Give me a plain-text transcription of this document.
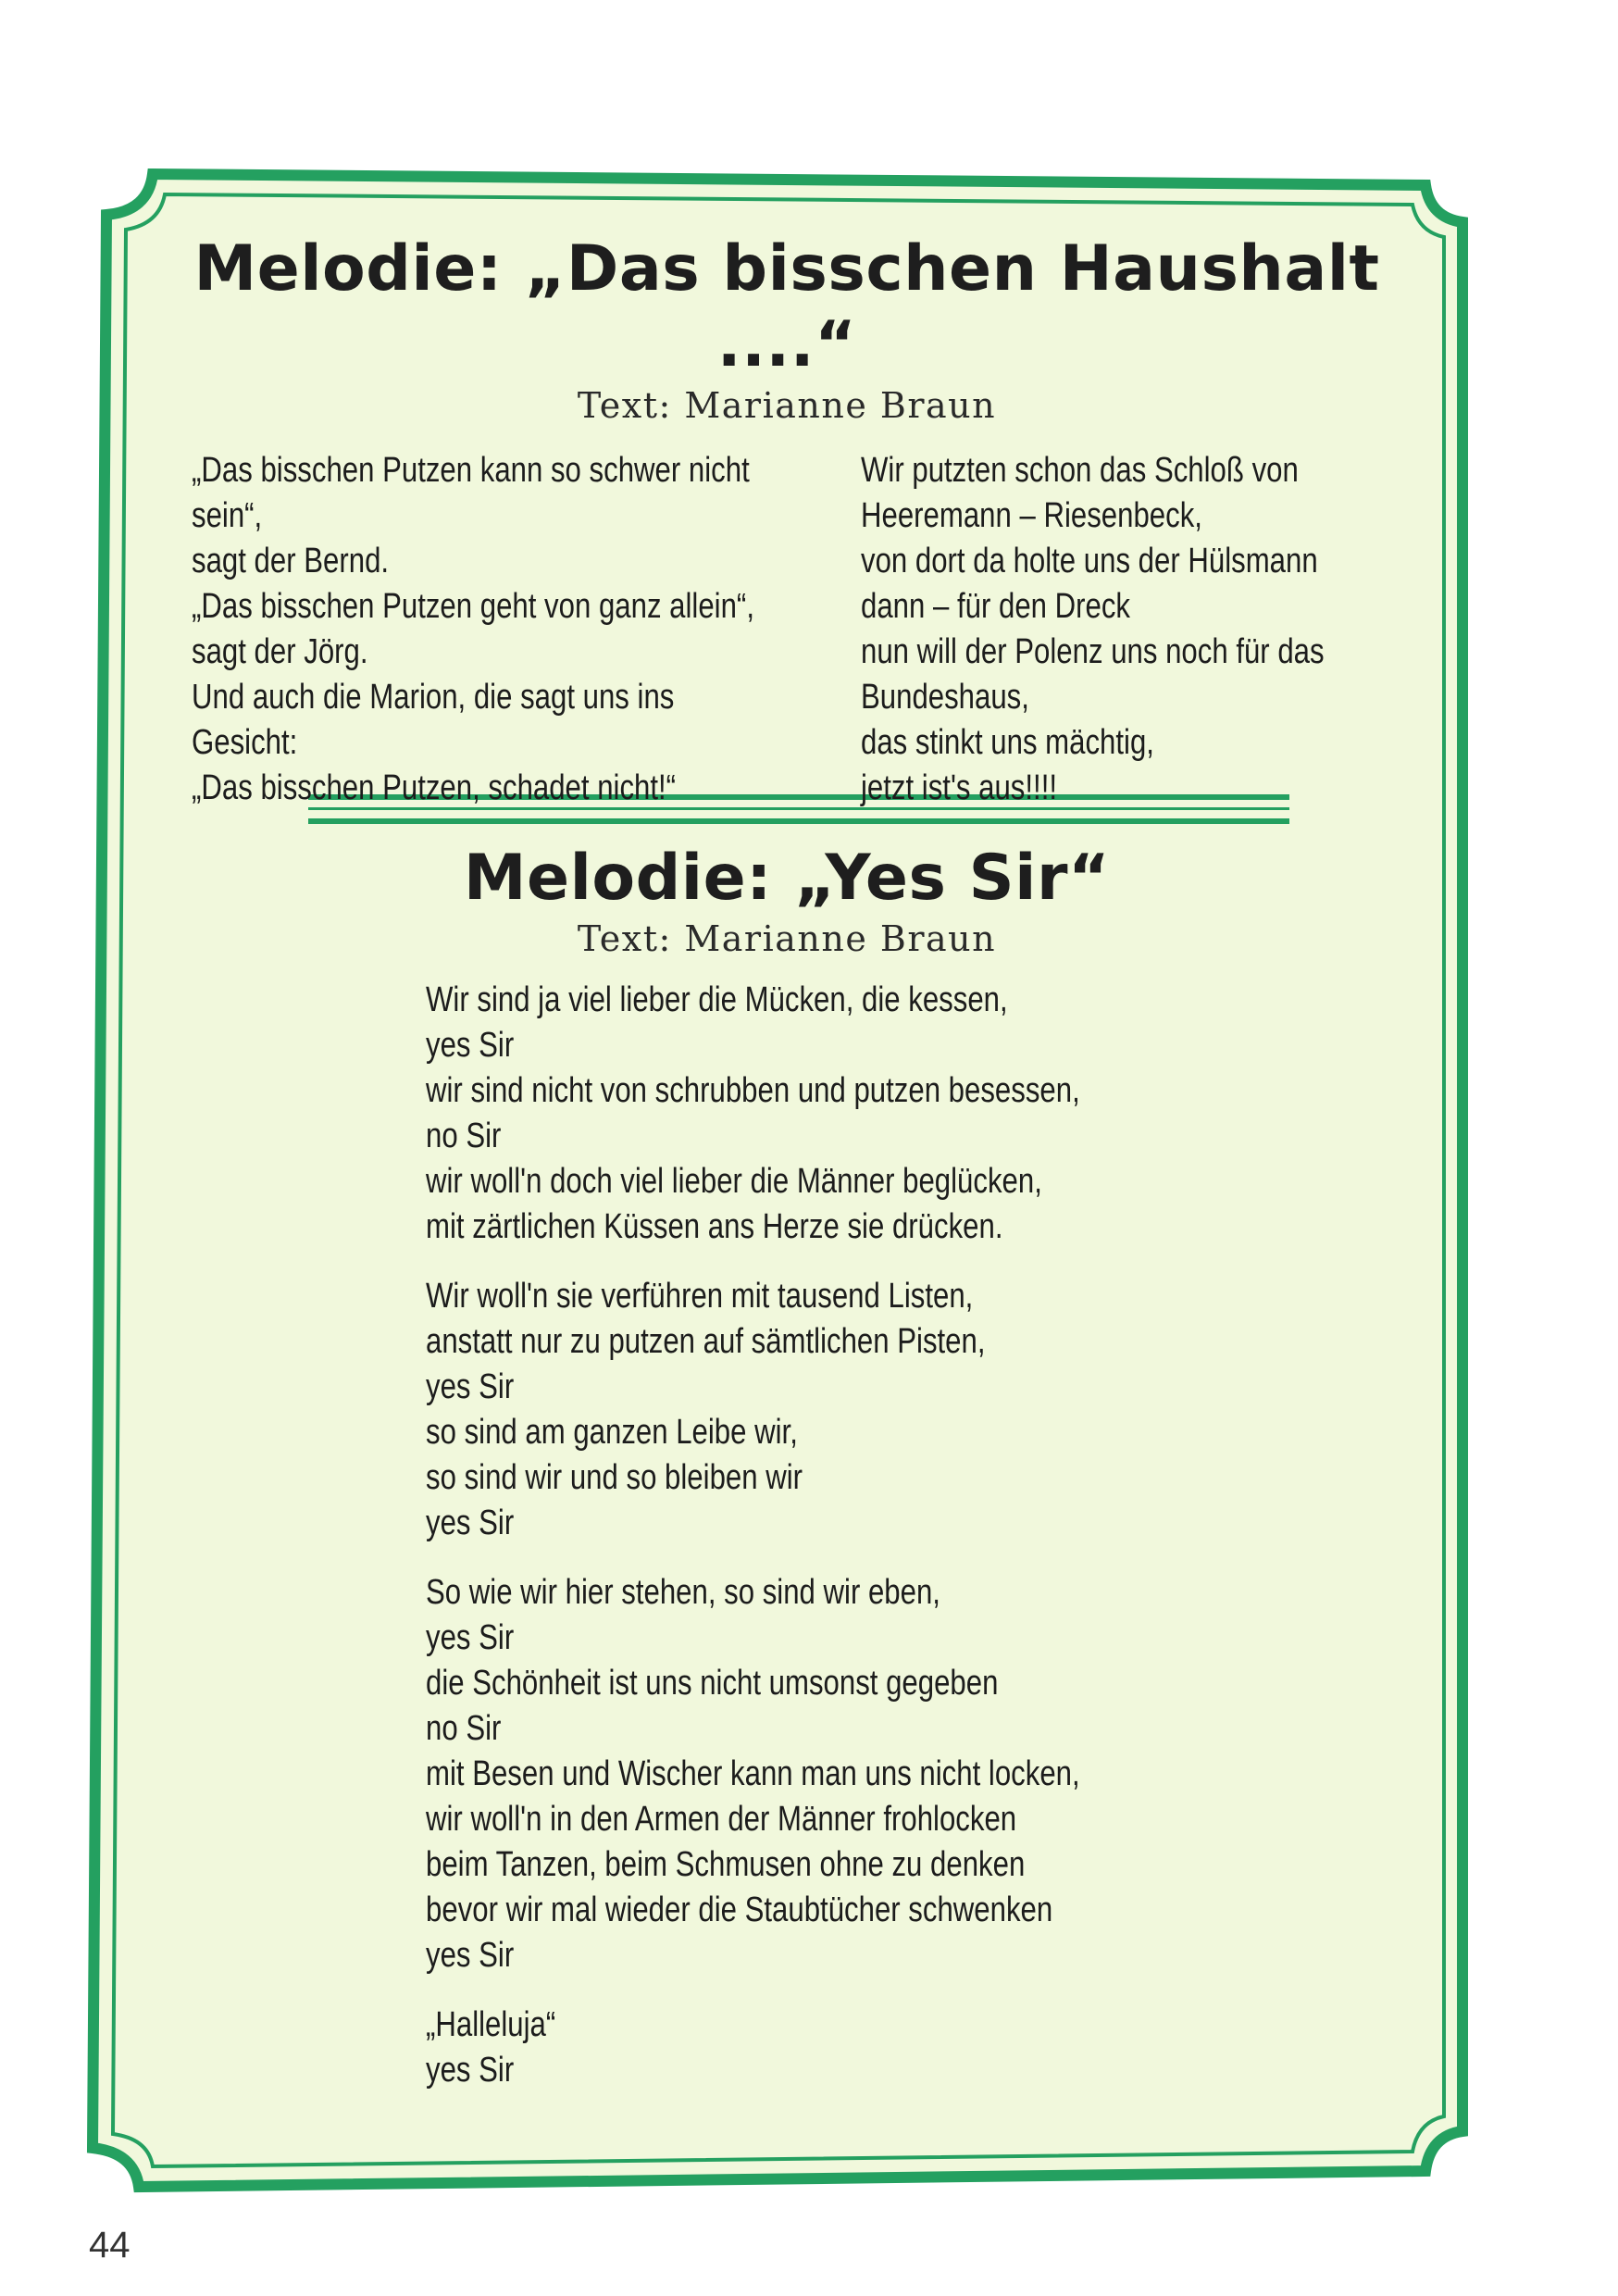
Melodie: „Das bisschen Haushalt ....“

Text: Marianne Braun

„Das bisschen Putzen kann so schwer nicht
sein“,
sagt der Bernd.
„Das bisschen Putzen geht von ganz allein“,
sagt der Jörg.
Und auch die Marion, die sagt uns ins
Gesicht:
„Das bisschen Putzen, schadet nicht!“
Wir putzten schon das Schloß von
Heeremann – Riesenbeck,
von dort da holte uns der Hülsmann
dann – für den Dreck
nun will der Polenz uns noch für das
Bundeshaus,
das stinkt uns mächtig,
jetzt ist's aus!!!!
Melodie: „Yes Sir“

Text: Marianne Braun

Wir sind ja viel lieber die Mücken, die kessen,
yes Sir
wir sind nicht von schrubben und putzen besessen,
no Sir
wir woll'n doch viel lieber die Männer beglücken,
mit zärtlichen Küssen ans Herze sie drücken.
Wir woll'n sie verführen mit tausend Listen,
anstatt nur zu putzen auf sämtlichen Pisten,
yes Sir
so sind am ganzen Leibe wir,
so sind wir und so bleiben wir
yes Sir
So wie wir hier stehen, so sind wir eben,
yes Sir
die Schönheit ist uns nicht umsonst gegeben
no Sir
mit Besen und Wischer kann man uns nicht locken,
wir woll'n in den Armen der Männer frohlocken
beim Tanzen, beim Schmusen ohne zu denken
bevor wir mal wieder die Staubtücher schwenken
yes Sir
„Halleluja“
yes Sir
44
